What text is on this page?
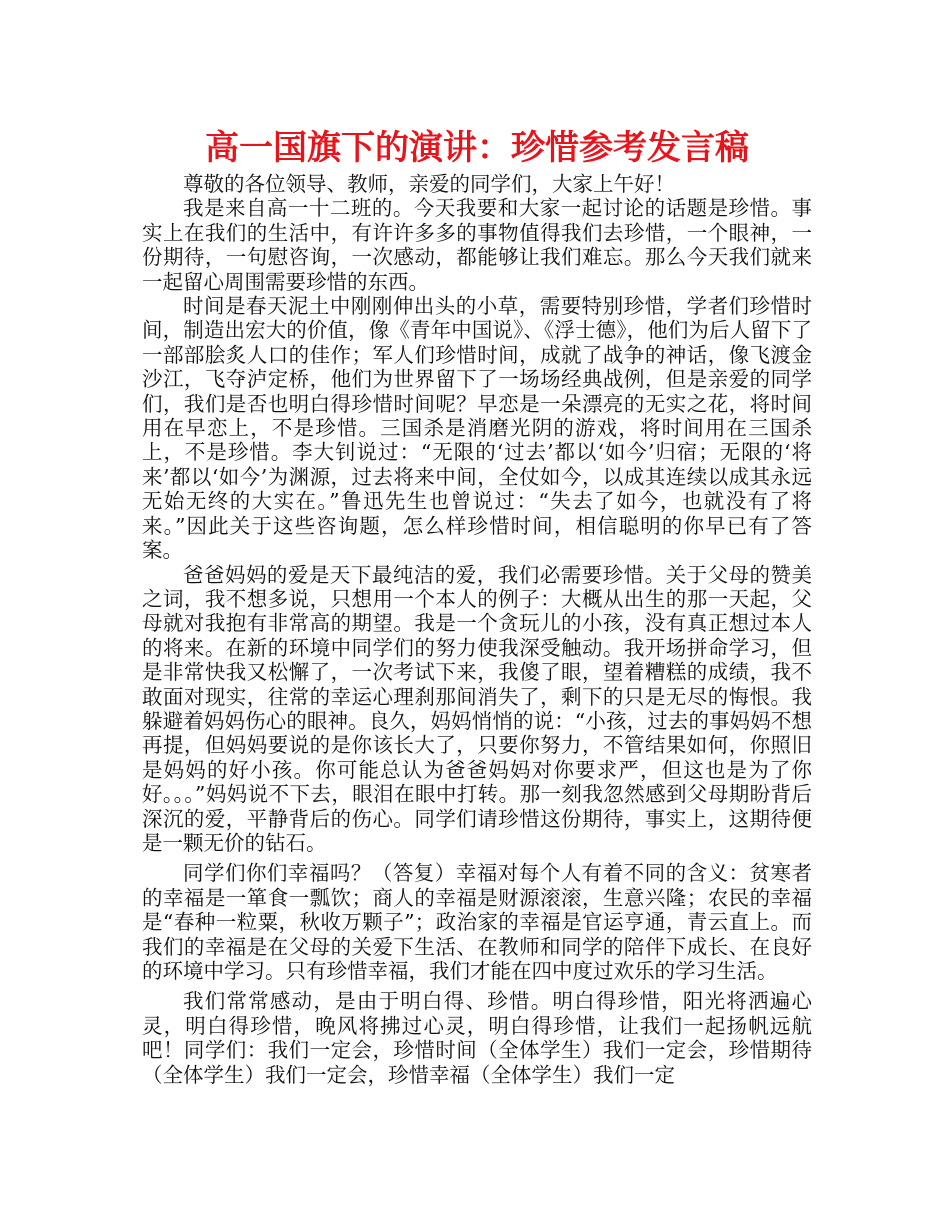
高一国旗下的演讲：珍惜参考发言稿

尊敬的各位领导、教师，亲爱的同学们，大家上午好！

我是来自高一十二班的。今天我要和大家一起讨论的话题是珍惜。事实上在我们的生活中，有许许多多的事物值得我们去珍惜，一个眼神，一份期待，一句慰咨询，一次感动，都能够让我们难忘。那么今天我们就来一起留心周围需要珍惜的东西。

时间是春天泥土中刚刚伸出头的小草，需要特别珍惜，学者们珍惜时间，制造出宏大的价值，像《青年中国说》、《浮士德》，他们为后人留下了一部部脍炙人口的佳作；军人们珍惜时间，成就了战争的神话，像飞渡金沙江，飞夺泸定桥，他们为世界留下了一场场经典战例，但是亲爱的同学们，我们是否也明白得珍惜时间呢？早恋是一朵漂亮的无实之花，将时间用在早恋上，不是珍惜。三国杀是消磨光阴的游戏，将时间用在三国杀上，不是珍惜。李大钊说过：“无限的‘过去’都以‘如今’归宿；无限的‘将来’都以‘如今’为渊源，过去将来中间，全仗如今，以成其连续以成其永远无始无终的大实在。”鲁迅先生也曾说过：“失去了如今，也就没有了将来。”因此关于这些咨询题，怎么样珍惜时间，相信聪明的你早已有了答案。

爸爸妈妈的爱是天下最纯洁的爱，我们必需要珍惜。关于父母的赞美之词，我不想多说，只想用一个本人的例子：大概从出生的那一天起，父母就对我抱有非常高的期望。我是一个贪玩儿的小孩，没有真正想过本人的将来。在新的环境中同学们的努力使我深受触动。我开场拼命学习，但是非常快我又松懈了，一次考试下来，我傻了眼，望着糟糕的成绩，我不敢面对现实，往常的幸运心理刹那间消失了，剩下的只是无尽的悔恨。我躲避着妈妈伤心的眼神。良久，妈妈悄悄的说：“小孩，过去的事妈妈不想再提，但妈妈要说的是你该长大了，只要你努力，不管结果如何，你照旧是妈妈的好小孩。你可能总认为爸爸妈妈对你要求严，但这也是为了你好。。。”妈妈说不下去，眼泪在眼中打转。那一刻我忽然感到父母期盼背后深沉的爱，平静背后的伤心。同学们请珍惜这份期待，事实上，这期待便是一颗无价的钻石。

同学们你们幸福吗？（答复）幸福对每个人有着不同的含义：贫寒者的幸福是一箪食一瓢饮；商人的幸福是财源滚滚，生意兴隆；农民的幸福是“春种一粒粟，秋收万颗子”；政治家的幸福是官运亨通，青云直上。而我们的幸福是在父母的关爱下生活、在教师和同学的陪伴下成长、在良好的环境中学习。只有珍惜幸福，我们才能在四中度过欢乐的学习生活。

我们常常感动，是由于明白得、珍惜。明白得珍惜，阳光将洒遍心灵，明白得珍惜，晚风将拂过心灵，明白得珍惜，让我们一起扬帆远航吧！同学们：我们一定会，珍惜时间（全体学生）我们一定会，珍惜期待（全体学生）我们一定会，珍惜幸福（全体学生）我们一定
